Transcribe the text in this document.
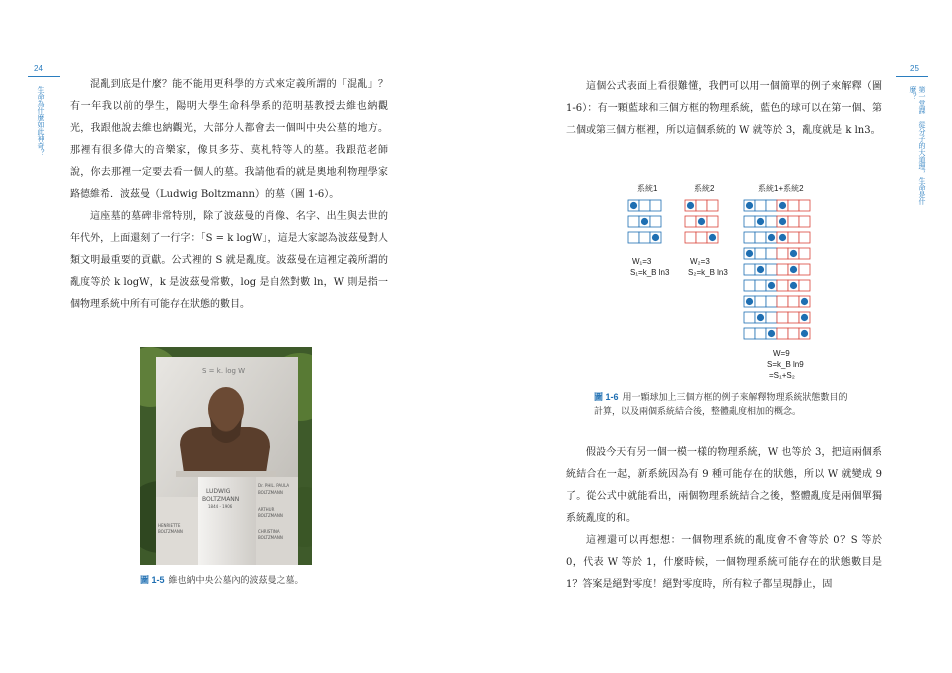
24
生命為什麼如此神奇？

混亂到底是什麼？能不能用更科學的方式來定義所謂的「混亂」？有一年我以前的學生，陽明大學生命科學系的范明基教授去維也納觀光，我跟他說去維也納觀光，大部分人都會去一個叫中央公墓的地方。那裡有很多偉大的音樂家，像貝多芬、莫札特等人的墓。我跟范老師說，你去那裡一定要去看一個人的墓。我請他看的就是奧地利物理學家路德維希．波茲曼（Ludwig Boltzmann）的墓（圖 1-6）。

這座墓的墓碑非常特別，除了波茲曼的肖像、名字、出生與去世的年代外，上面還刻了一行字：「S = k logW」，這是大家認為波茲曼對人類文明最重要的貢獻。公式裡的 S 就是亂度。波茲曼在這裡定義所謂的亂度等於 k logW，k 是波茲曼常數，log 是自然對數 ln，W 則是指一個物理系統中所有可能存在狀態的數目。

S = k. log W
LUDWIG
BOLTZMANN
1844 - 1906
Dr. PHIL. PAULA
BOLTZMANN
HENRIETTE
BOLTZMANN
ARTHUR
BOLTZMANN
CHRISTINA
BOLTZMANN
圖 1-5 維也納中央公墓內的波茲曼之墓。
25
第一堂課　從分子的大道理，生命是什麼？

這個公式表面上看很難懂，我們可以用一個簡單的例子來解釋（圖 1-6）：有一顆藍球和三個方框的物理系統，藍色的球可以在第一個、第二個或第三個方框裡，所以這個系統的 W 就等於 3，亂度就是 k ln3。

系統1	系統2	系統1+系統2
W₁=3
S₁=k_B ln3
W₂=3
S₂=k_B ln3
W=9
S=k_B ln9
=S₁+S₂
圖 1-6 用一顆球加上三個方框的例子來解釋物理系統狀態數目的計算，以及兩個系統結合後，整體亂度相加的概念。

假設今天有另一個一模一樣的物理系統，W 也等於 3，把這兩個系統結合在一起，新系統因為有 9 種可能存在的狀態，所以 W 就變成 9 了。從公式中就能看出，兩個物理系統結合之後，整體亂度是兩個單獨系統亂度的和。

這裡還可以再想想：一個物理系統的亂度會不會等於 0？S 等於 0，代表 W 等於 1，什麼時候，一個物理系統可能存在的狀態數目是 1？答案是絕對零度！絕對零度時，所有粒子都呈現靜止，固
